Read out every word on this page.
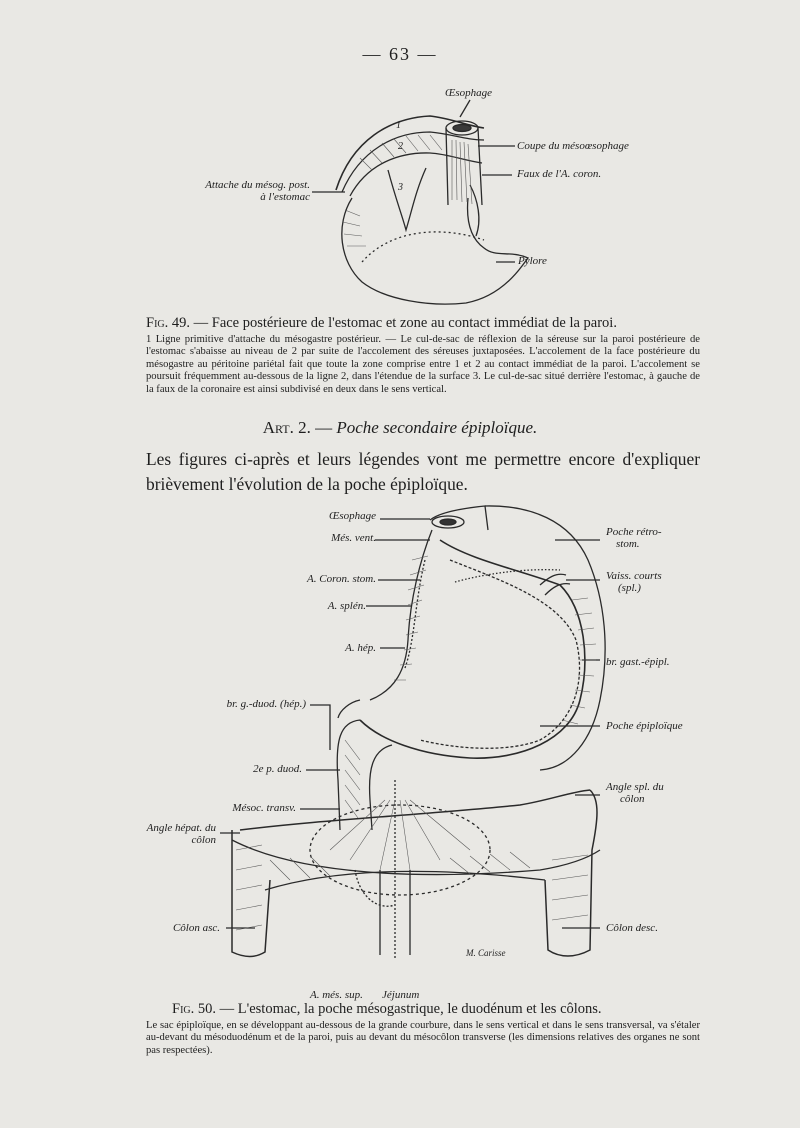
— 63 —
Œsophage
Coupe du mésoœsophage
Faux de l'A. coron.
Attache du mésog. post.
à l'estomac
Pylore
1
2
3
Fig. 49. — Face postérieure de l'estomac et zone au contact immédiat de la paroi.
1 Ligne primitive d'attache du mésogastre postérieur. — Le cul-de-sac de réflexion de la séreuse sur la paroi postérieure de l'estomac s'abaisse au niveau de 2 par suite de l'accolement des séreuses juxtaposées. L'accolement de la face postérieure du mésogastre au péritoine pariétal fait que toute la zone comprise entre 1 et 2 au contact immédiat de la paroi. L'accolement se poursuit fréquemment au-dessous de la ligne 2, dans l'étendue de la surface 3. Le cul-de-sac situé derrière l'estomac, à gauche de la faux de la coronaire est ainsi subdivisé en deux dans le sens vertical.
Art. 2. — Poche secondaire épiploïque.
Les figures ci-après et leurs légendes vont me permettre encore d'expliquer brièvement l'évolution de la poche épiploïque.
Œsophage
Més. vent.
A. Coron. stom.
A. splén.
A. hép.
br. g.-duod. (hép.)
2e p. duod.
Mésoc. transv.
Angle hépat. du
côlon
Côlon asc.
A. més. sup. Jéjunum
Poche rétro-
stom.
Vaiss. courts
(spl.)
br. gast.-épipl.
Poche épiploïque
Angle spl. du
côlon
Côlon desc.
M. Carisse
Fig. 50. — L'estomac, la poche mésogastrique, le duodénum et les côlons.
Le sac épiploïque, en se développant au-dessous de la grande courbure, dans le sens vertical et dans le sens transversal, va s'étaler au-devant du mésoduodénum et de la paroi, puis au devant du mésocôlon transverse (les dimensions relatives des organes ne sont pas respectées).
